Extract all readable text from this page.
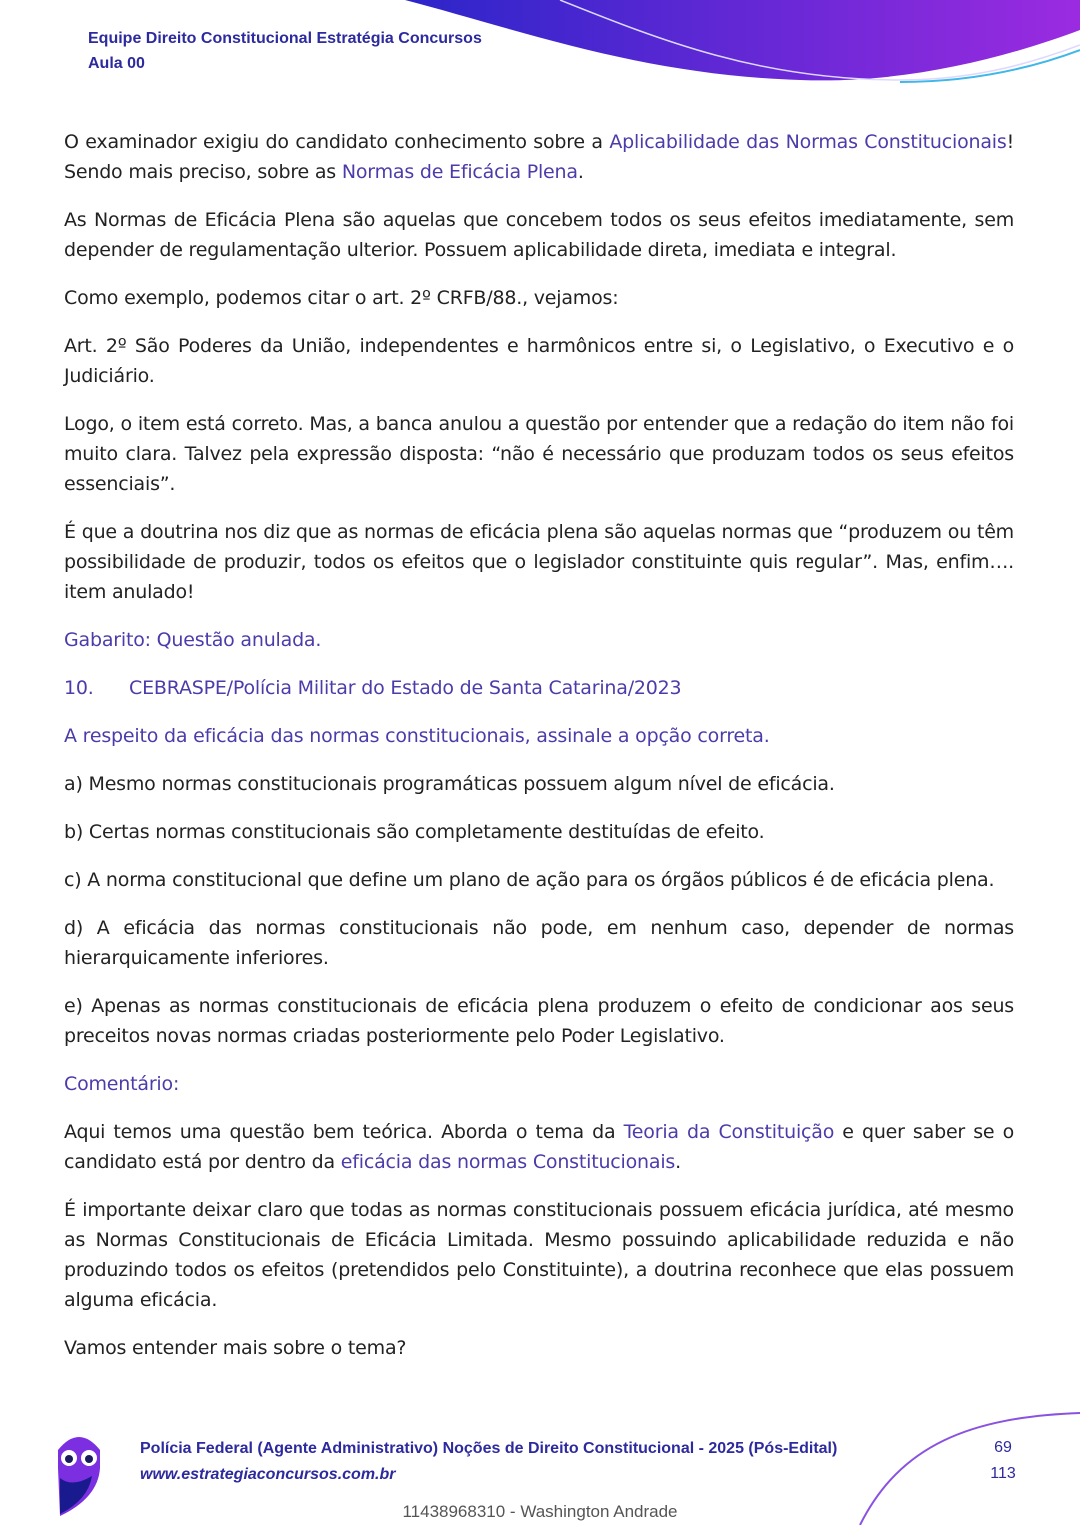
Equipe Direito Constitucional Estratégia Concursos
Aula 00

O examinador exigiu do candidato conhecimento sobre a Aplicabilidade das Normas Constitucionais! Sendo mais preciso, sobre as Normas de Eficácia Plena.

As Normas de Eficácia Plena são aquelas que concebem todos os seus efeitos imediatamente, sem depender de regulamentação ulterior. Possuem aplicabilidade direta, imediata e integral.

Como exemplo, podemos citar o art. 2º CRFB/88., vejamos:

Art. 2º São Poderes da União, independentes e harmônicos entre si, o Legislativo, o Executivo e o Judiciário.

Logo, o item está correto. Mas, a banca anulou a questão por entender que a redação do item não foi muito clara. Talvez pela expressão disposta: “não é necessário que produzam todos os seus efeitos essenciais”.

É que a doutrina nos diz que as normas de eficácia plena são aquelas normas que “produzem ou têm possibilidade de produzir, todos os efeitos que o legislador constituinte quis regular”. Mas, enfim…. item anulado!

Gabarito: Questão anulada.

10. CEBRASPE/Polícia Militar do Estado de Santa Catarina/2023

A respeito da eficácia das normas constitucionais, assinale a opção correta.

a) Mesmo normas constitucionais programáticas possuem algum nível de eficácia.

b) Certas normas constitucionais são completamente destituídas de efeito.

c) A norma constitucional que define um plano de ação para os órgãos públicos é de eficácia plena.

d) A eficácia das normas constitucionais não pode, em nenhum caso, depender de normas hierarquicamente inferiores.

e) Apenas as normas constitucionais de eficácia plena produzem o efeito de condicionar aos seus preceitos novas normas criadas posteriormente pelo Poder Legislativo.

Comentário:

Aqui temos uma questão bem teórica. Aborda o tema da Teoria da Constituição e quer saber se o candidato está por dentro da eficácia das normas Constitucionais.

É importante deixar claro que todas as normas constitucionais possuem eficácia jurídica, até mesmo as Normas Constitucionais de Eficácia Limitada. Mesmo possuindo aplicabilidade reduzida e não produzindo todos os efeitos (pretendidos pelo Constituinte), a doutrina reconhece que elas possuem alguma eficácia.

Vamos entender mais sobre o tema?

Polícia Federal (Agente Administrativo) Noções de Direito Constitucional - 2025 (Pós-Edital)
www.estrategiaconcursos.com.br
69
113
11438968310 - Washington Andrade
